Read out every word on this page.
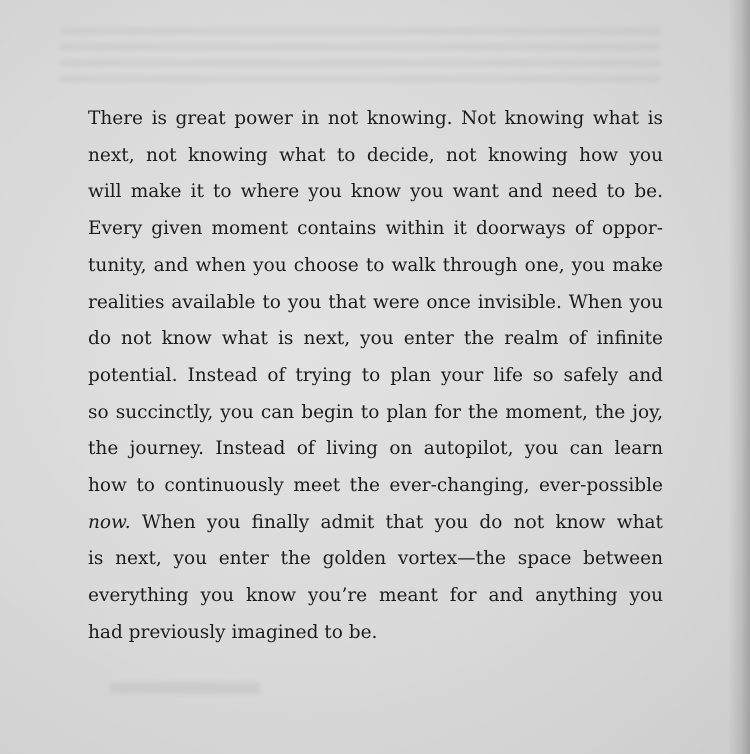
There is great power in not knowing. Not knowing what is
next, not knowing what to decide, not knowing how you
will make it to where you know you want and need to be.
Every given moment contains within it doorways of oppor-
tunity, and when you choose to walk through one, you make
realities available to you that were once invisible. When you
do not know what is next, you enter the realm of infinite
potential. Instead of trying to plan your life so safely and
so succinctly, you can begin to plan for the moment, the joy,
the journey. Instead of living on autopilot, you can learn
how to continuously meet the ever-changing, ever-possible
now. When you finally admit that you do not know what
is next, you enter the golden vortex—the space between
everything you know you’re meant for and anything you
had previously imagined to be.
